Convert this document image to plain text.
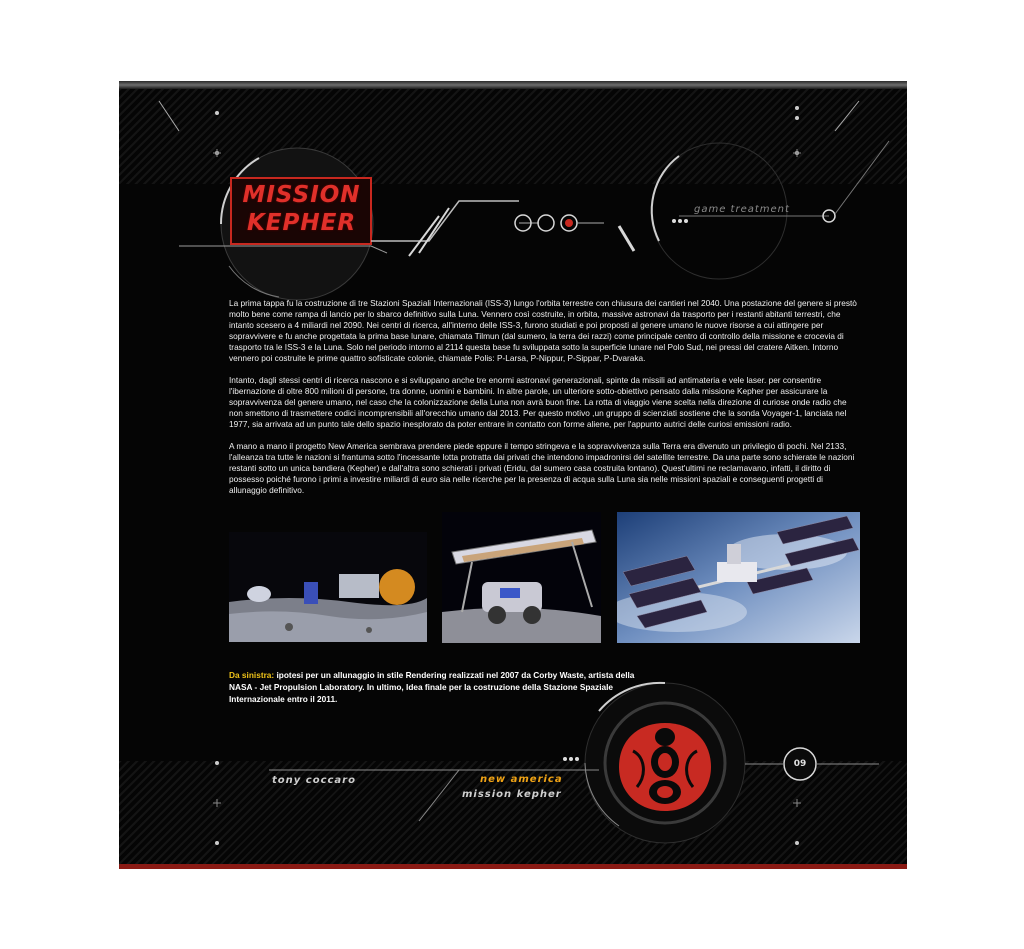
MISSION
KEPHER
game treatment

La prima tappa fu la costruzione di tre Stazioni Spaziali Internazionali (ISS-3) lungo l'orbita terrestre con chiusura dei cantieri nel 2040. Una postazione del genere si prestò molto bene come rampa di lancio per lo sbarco definitivo sulla Luna. Vennero così costruite, in orbita, massive astronavi da trasporto per i restanti abitanti terrestri, che intanto scesero a 4 miliardi nel 2090. Nei centri di ricerca, all'interno delle ISS-3, furono studiati e poi proposti al genere umano le nuove risorse a cui attingere per sopravvivere e fu anche progettata la prima base lunare, chiamata Tilmun (dal sumero, la terra dei razzi) come principale centro di controllo della missione e crocevia di trasporto tra le ISS-3 e la Luna. Solo nel periodo intorno al 2114 questa base fu sviluppata sotto la superficie lunare nel Polo Sud, nei pressi del cratere Aitken. Intorno vennero poi costruite le prime quattro sofisticate colonie, chiamate Polis: P-Larsa, P-Nippur, P-Sippar, P-Dvaraka.

Intanto, dagli stessi centri di ricerca nascono e si sviluppano anche tre enormi astronavi generazionali, spinte da missili ad antimateria e vele laser. per consentire l'ibernazione di oltre 800 milioni di persone, tra donne, uomini e bambini. In altre parole, un ulteriore sotto-obiettivo pensato dalla missione Kepher per assicurare la sopravvivenza del genere umano, nel caso che la colonizzazione della Luna non avrà buon fine. La rotta di viaggio viene scelta nella direzione di curiose onde radio che non smettono di trasmettere codici incomprensibili all'orecchio umano dal 2013. Per questo motivo ,un gruppo di scienziati sostiene che la sonda Voyager-1, lanciata nel 1977, sia arrivata ad un punto tale dello spazio inesplorato da poter entrare in contatto con forme aliene, per l'appunto autrici delle curiosi emissioni radio.

A mano a mano il progetto New America sembrava prendere piede eppure il tempo stringeva e la sopravvivenza sulla Terra era divenuto un privilegio di pochi. Nel 2133, l'alleanza tra tutte le nazioni si frantuma sotto l'incessante lotta protratta dai privati che intendono impadronirsi del satellite terrestre. Da una parte sono schierate le nazioni restanti sotto un unica bandiera (Kepher) e dall'altra sono schierati i privati (Eridu, dal sumero casa costruita lontano). Quest'ultimi ne reclamavano, infatti, il diritto di possesso poiché furono i primi a investire miliardi di euro sia nelle ricerche per la presenza di acqua sulla Luna sia nelle missioni spaziali e conseguenti progetti di allunaggio definitivo.

Da sinistra: ipotesi per un allunaggio in stile Rendering realizzati nel 2007 da Corby Waste, artista della NASA - Jet Propulsion Laboratory. In ultimo, Idea finale per la costruzione della Stazione Spaziale Internazionale entro il 2011.
tony coccaro	new america
mission kepher
09
